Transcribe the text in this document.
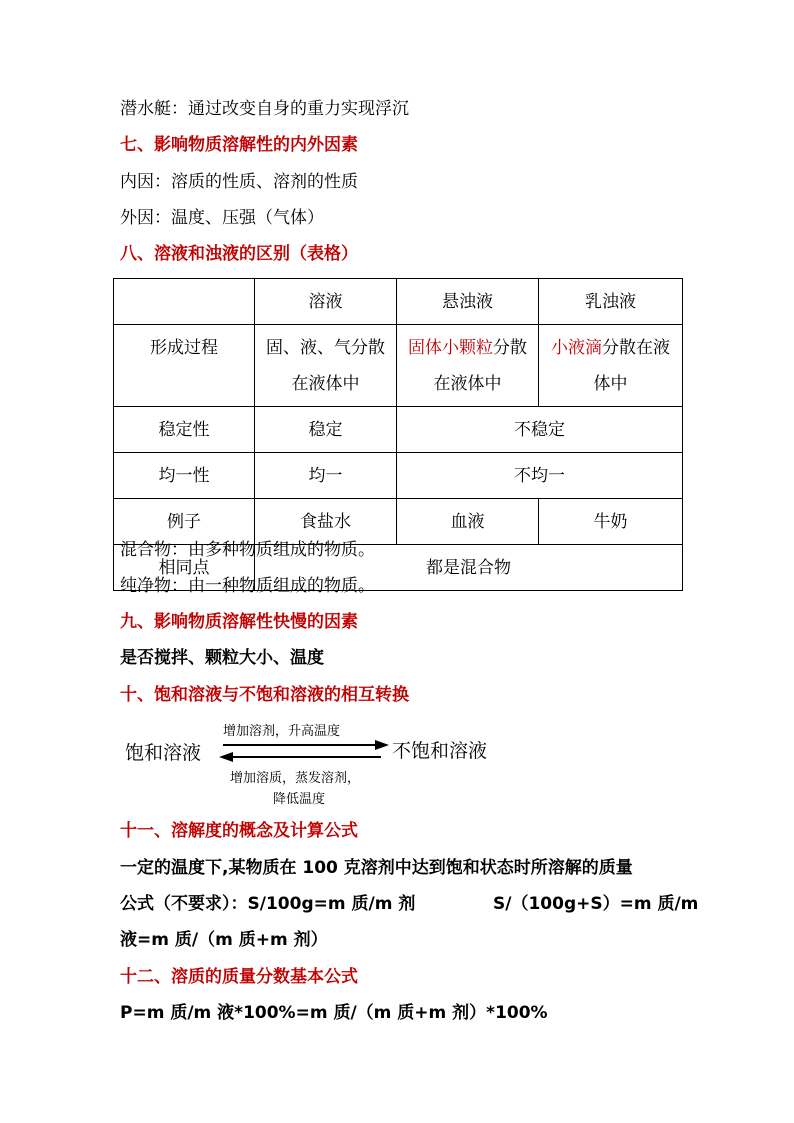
潜水艇：通过改变自身的重力实现浮沉
七、影响物质溶解性的内外因素
内因：溶质的性质、溶剂的性质
外因：温度、压强（气体）
八、溶液和浊液的区别（表格）
	溶液	悬浊液	乳浊液
形成过程	固、液、气分散在液体中	固体小颗粒分散在液体中	小液滴分散在液体中
稳定性	稳定	不稳定	
均一性	均一	不均一	
例子	食盐水	血液	牛奶
相同点	都是混合物		
混合物：由多种物质组成的物质。
纯净物：由一种物质组成的物质。
九、影响物质溶解性快慢的因素
是否搅拌、颗粒大小、温度
十、饱和溶液与不饱和溶液的相互转换
饱和溶液	不饱和溶液
增加溶剂，升高温度
增加溶质，蒸发溶剂，
降低温度
十一、溶解度的概念及计算公式
一定的温度下,某物质在 100 克溶剂中达到饱和状态时所溶解的质量
公式（不要求）：S/100g=m 质/m 剂	S/（100g+S）=m 质/m
液=m 质/（m 质+m 剂）
十二、溶质的质量分数基本公式
P=m 质/m 液*100%=m 质/（m 质+m 剂）*100%
